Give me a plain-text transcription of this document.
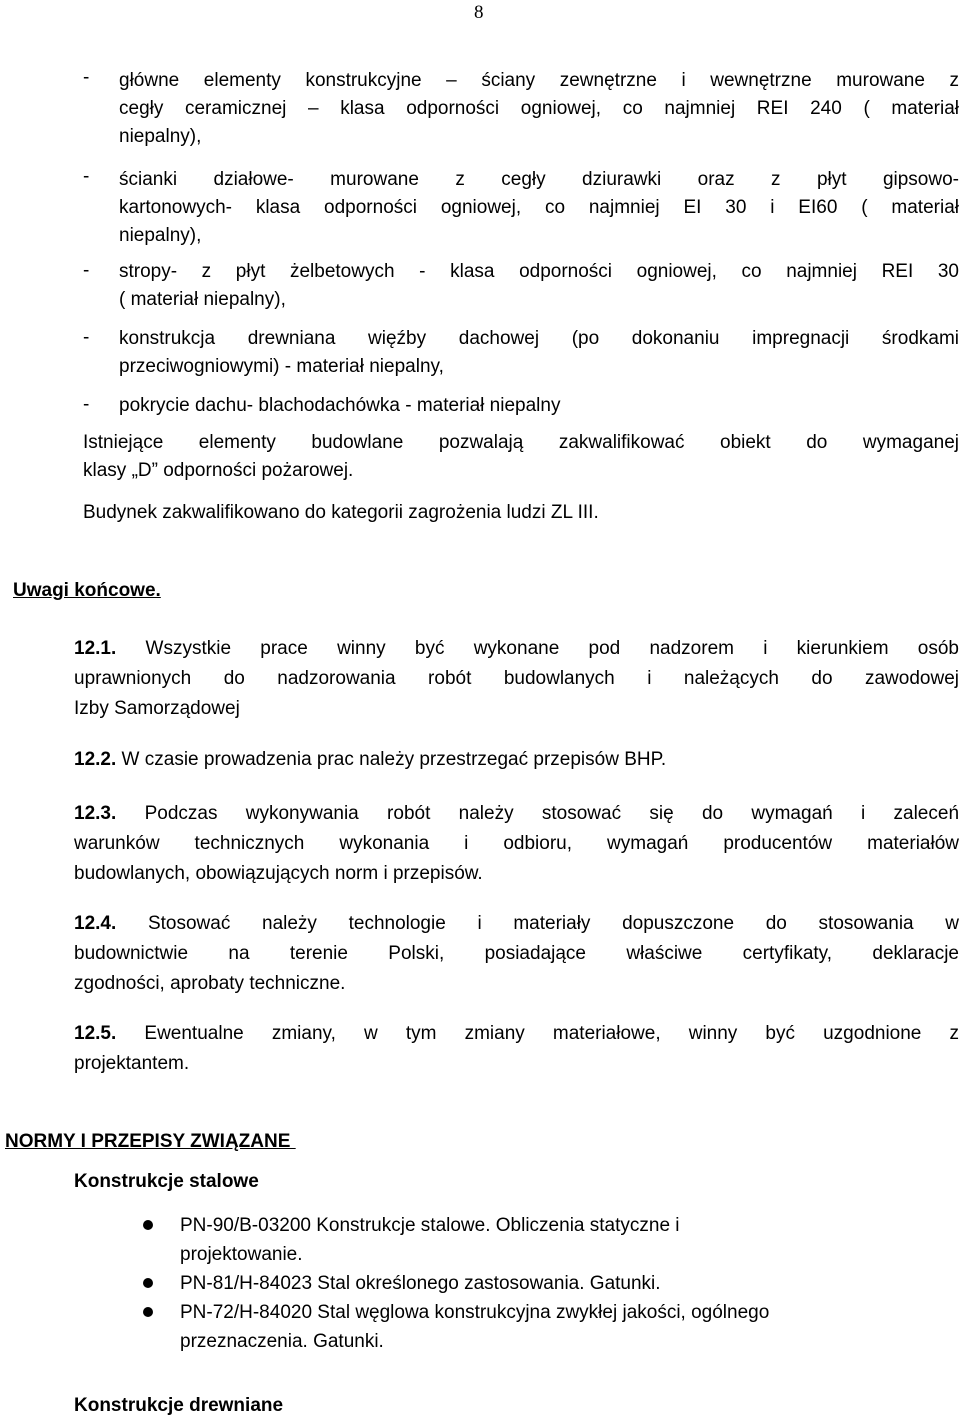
8
- główne elementy konstrukcyjne – ściany zewnętrzne i wewnętrzne murowane z
cegły ceramicznej – klasa odporności ogniowej, co najmniej REI 240 ( materiał
niepalny),
- ścianki działowe- murowane z cegły dziurawki oraz z płyt gipsowo-
kartonowych- klasa odporności ogniowej, co najmniej EI 30 i EI60 ( materiał
niepalny),
- stropy- z płyt żelbetowych - klasa odporności ogniowej, co najmniej REI 30
( materiał niepalny),
- konstrukcja drewniana więźby dachowej (po dokonaniu impregnacji środkami
przeciwogniowymi) - materiał niepalny,
- pokrycie dachu- blachodachówka - materiał niepalny
Istniejące elementy budowlane pozwalają zakwalifikować obiekt do wymaganej
klasy „D” odporności pożarowej.
Budynek zakwalifikowano do kategorii zagrożenia ludzi ZL III.
Uwagi końcowe.
12.1. Wszystkie prace winny być wykonane pod nadzorem i kierunkiem osób
uprawnionych do nadzorowania robót budowlanych i należących do zawodowej
Izby Samorządowej
12.2. W czasie prowadzenia prac należy przestrzegać przepisów BHP.
12.3. Podczas wykonywania robót należy stosować się do wymagań i zaleceń
warunków technicznych wykonania i odbioru, wymagań producentów materiałów
budowlanych, obowiązujących norm i przepisów.
12.4. Stosować należy technologie i materiały dopuszczone do stosowania w
budownictwie na terenie Polski, posiadające właściwe certyfikaty, deklaracje
zgodności, aprobaty techniczne.
12.5. Ewentualne zmiany, w tym zmiany materiałowe, winny być uzgodnione z
projektantem.
NORMY I PRZEPISY ZWIĄZANE
Konstrukcje stalowe
PN-90/B-03200 Konstrukcje stalowe. Obliczenia statyczne i
projektowanie.
PN-81/H-84023 Stal określonego zastosowania. Gatunki.
PN-72/H-84020 Stal węglowa konstrukcyjna zwykłej jakości, ogólnego
przeznaczenia. Gatunki.
Konstrukcje drewniane
